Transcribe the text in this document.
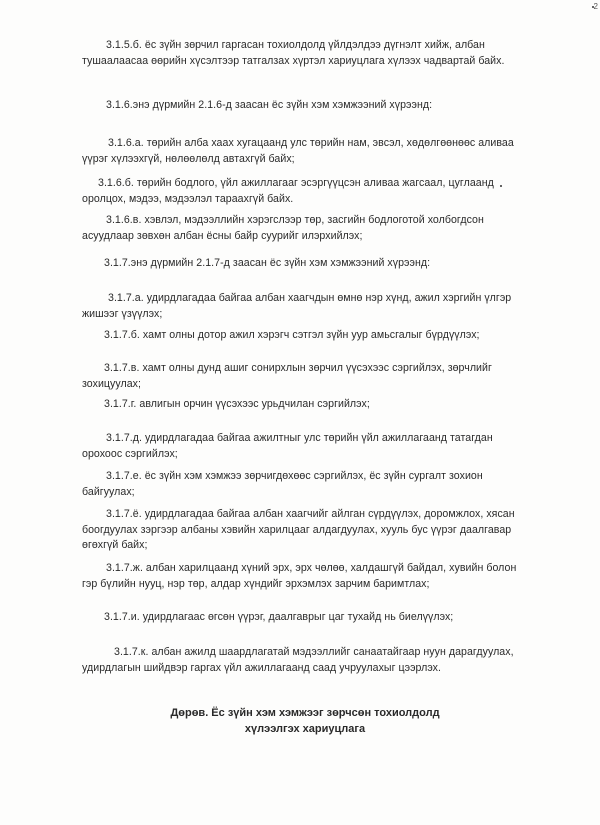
2

3.1.5.б. ёс зүйн зөрчил гаргасан тохиолдолд үйлдэлдээ дүгнэлт хийж, албан тушаалаасаа өөрийн хүсэлтээр татгалзах хүртэл хариуцлага хүлээх чадвартай байх.

3.1.6.энэ дүрмийн 2.1.6-д заасан ёс зүйн хэм хэмжээний хүрээнд:

3.1.6.а. төрийн алба хаах хугацаанд улс төрийн нам, эвсэл, хөдөлгөөнөөс аливаа үүрэг хүлээхгүй, нөлөөлөлд автахгүй байх;

3.1.6.б. төрийн бодлого, үйл ажиллагааг эсэргүүцсэн аливаа жагсаал, цуглаанд оролцох, мэдээ, мэдээлэл тараахгүй байх.

3.1.6.в. хэвлэл, мэдээллийн хэрэгслээр төр, засгийн бодлоготой холбогдсон асуудлаар зөвхөн албан ёсны байр суурийг илэрхийлэх;

3.1.7.энэ дүрмийн 2.1.7-д заасан ёс зүйн хэм хэмжээний хүрээнд:

3.1.7.а. удирдлагадаа байгаа албан хаагчдын өмнө нэр хүнд, ажил хэргийн үлгэр жишээг үзүүлэх;

3.1.7.б. хамт олны дотор ажил хэрэгч сэтгэл зүйн уур амьсгалыг бүрдүүлэх;

3.1.7.в. хамт олны дунд ашиг сонирхлын зөрчил үүсэхээс сэргийлэх, зөрчлийг зохицуулах;

3.1.7.г. авлигын орчин үүсэхээс урьдчилан сэргийлэх;

3.1.7.д. удирдлагадаа байгаа ажилтныг улс төрийн үйл ажиллагаанд татагдан орохоос сэргийлэх;

3.1.7.е. ёс зүйн хэм хэмжээ зөрчигдөхөөс сэргийлэх, ёс зүйн сургалт зохион байгуулах;

3.1.7.ё. удирдлагадаа байгаа албан хаагчийг айлган сүрдүүлэх, доромжлох, хясан боогдуулах зэргээр албаны хэвийн харилцааг алдагдуулах, хууль бус үүрэг даалгавар өгөхгүй байх;

3.1.7.ж. албан харилцаанд хүний эрх, эрх чөлөө, халдашгүй байдал, хувийн болон гэр бүлийн нууц, нэр төр, алдар хүндийг эрхэмлэх зарчим баримтлах;

3.1.7.и. удирдлагаас өгсөн үүрэг, даалгаврыг цаг тухайд нь биелүүлэх;

3.1.7.к. албан ажилд шаардлагатай мэдээллийг санаатайгаар нуун дарагдуулах, удирдлагын шийдвэр гаргах үйл ажиллагаанд саад учруулахыг цээрлэх.

Дөрөв. Ёс зүйн хэм хэмжээг зөрчсөн тохиолдолд
хүлээлгэх хариуцлага
